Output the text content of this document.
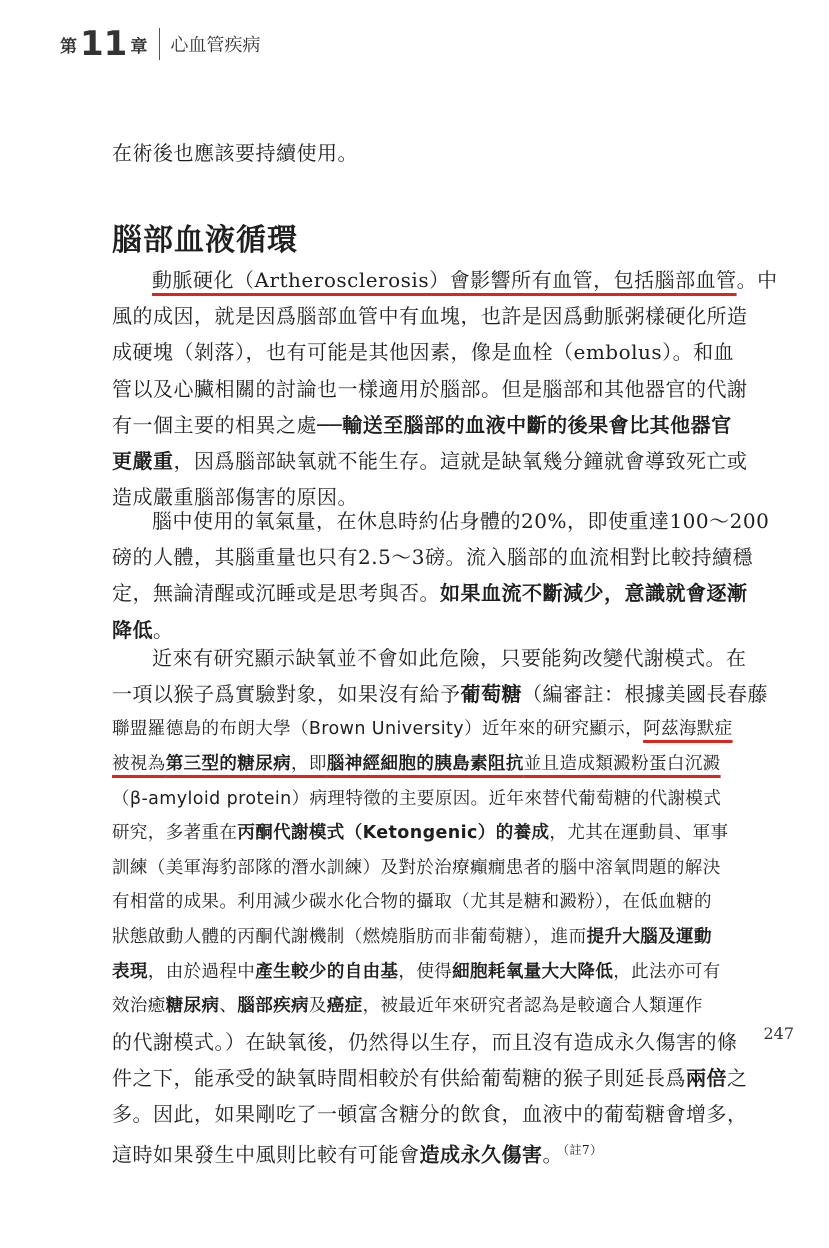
第 11 章 心血管疾病

在術後也應該要持續使用。

腦部血液循環

動脈硬化（Artherosclerosis）會影響所有血管，包括腦部血管。中
風的成因，就是因爲腦部血管中有血塊，也許是因爲動脈粥樣硬化所造
成硬塊（剝落），也有可能是其他因素，像是血栓（embolus）。和血
管以及心臟相關的討論也一樣適用於腦部。但是腦部和其他器官的代謝
有一個主要的相異之處──輸送至腦部的血液中斷的後果會比其他器官
更嚴重，因爲腦部缺氧就不能生存。這就是缺氧幾分鐘就會導致死亡或
造成嚴重腦部傷害的原因。

腦中使用的氧氣量，在休息時約佔身體的20%，即使重達100～200
磅的人體，其腦重量也只有2.5～3磅。流入腦部的血流相對比較持續穩
定，無論清醒或沉睡或是思考與否。如果血流不斷減少，意識就會逐漸
降低。

近來有研究顯示缺氧並不會如此危險，只要能夠改變代謝模式。在
一項以猴子爲實驗對象，如果沒有給予葡萄糖（編審註：根據美國長春藤
聯盟羅德島的布朗大學（Brown University）近年來的研究顯示，阿茲海默症
被視為第三型的糖尿病，即腦神經細胞的胰島素阻抗並且造成類澱粉蛋白沉澱
（β-amyloid protein）病理特徵的主要原因。近年來替代葡萄糖的代謝模式
研究，多著重在丙酮代謝模式（Ketongenic）的養成，尤其在運動員、軍事
訓練（美軍海豹部隊的潛水訓練）及對於治療癲癇患者的腦中溶氧問題的解決
有相當的成果。利用減少碳水化合物的攝取（尤其是糖和澱粉），在低血糖的
狀態啟動人體的丙酮代謝機制（燃燒脂肪而非葡萄糖），進而提升大腦及運動
表現，由於過程中產生較少的自由基，使得細胞耗氧量大大降低，此法亦可有
效治癒糖尿病、腦部疾病及癌症，被最近年來研究者認為是較適合人類運作
的代謝模式。）在缺氧後，仍然得以生存，而且沒有造成永久傷害的條
件之下，能承受的缺氧時間相較於有供給葡萄糖的猴子則延長爲兩倍之
多。因此，如果剛吃了一頓富含糖分的飲食，血液中的葡萄糖會增多，
這時如果發生中風則比較有可能會造成永久傷害。$^{(註7)}$

247
